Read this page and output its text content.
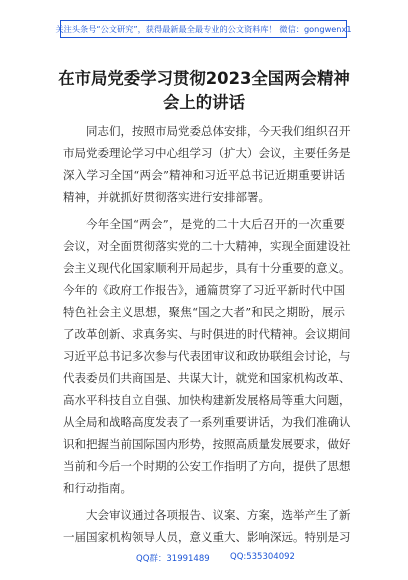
关注头条号“公文研究”，获得最新最全最专业的公文资料库！ 微信：gongwenx1
在市局党委学习贯彻2023全国两会精神
会上的讲话
同志们，按照市局党委总体安排，今天我们组织召开
市局党委理论学习中心组学习（扩大）会议，主要任务是
深入学习全国“两会”精神和习近平总书记近期重要讲话
精神，并就抓好贯彻落实进行安排部署。
今年全国“两会”，是党的二十大后召开的一次重要
会议，对全面贯彻落实党的二十大精神，实现全面建设社
会主义现代化国家顺利开局起步，具有十分重要的意义。
今年的《政府工作报告》，通篇贯穿了习近平新时代中国
特色社会主义思想，聚焦“国之大者”和民之期盼，展示
了改革创新、求真务实、与时俱进的时代精神。会议期间
习近平总书记多次参与代表团审议和政协联组会讨论，与
代表委员们共商国是、共谋大计，就党和国家机构改革、
高水平科技自立自强、加快构建新发展格局等重大问题，
从全局和战略高度发表了一系列重要讲话，为我们准确认
识和把握当前国际国内形势，按照高质量发展要求，做好
当前和今后一个时期的公安工作指明了方向，提供了思想
和行动指南。
大会审议通过各项报告、议案、方案，选举产生了新
一届国家机构领导人员，意义重大、影响深远。特别是习
QQ群：31991489 QQ:535304092
